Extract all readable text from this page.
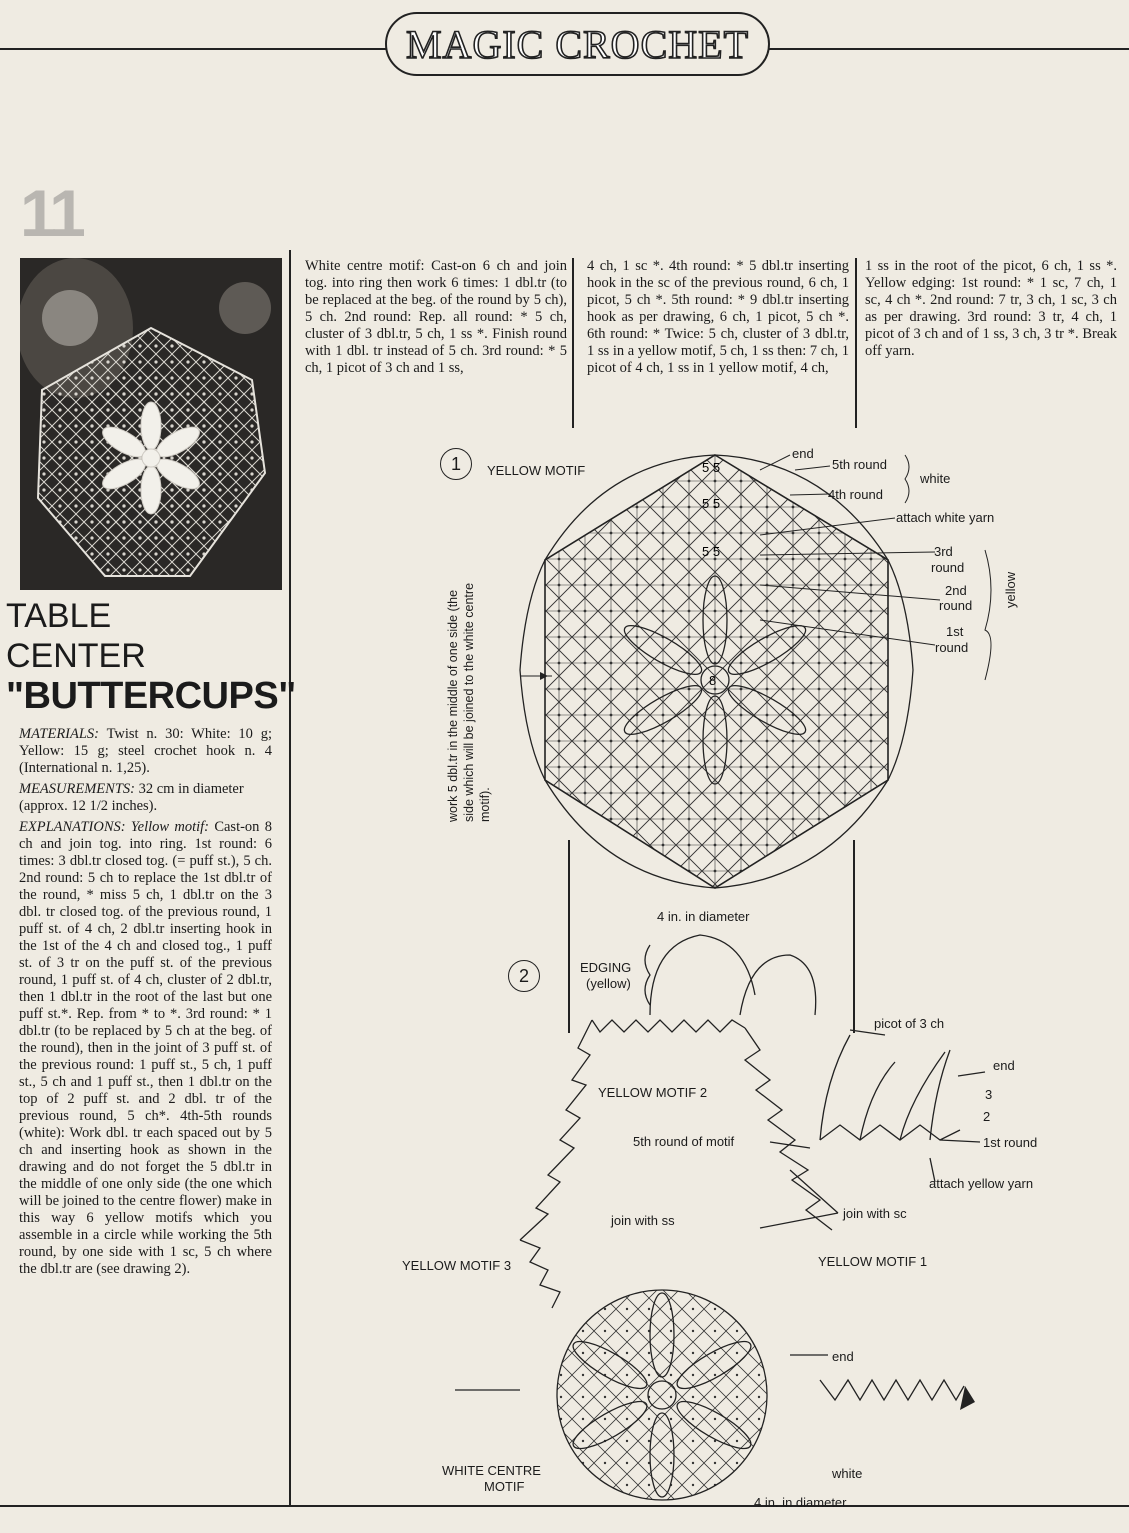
MAGIC CROCHET
11
TABLE
CENTER
"BUTTERCUPS"

MATERIALS: Twist n. 30: White: 10 g; Yellow: 15 g; steel crochet hook n. 4 (International n. 1,25).

MEASUREMENTS: 32 cm in diameter
(approx. 12 1/2 inches).

EXPLANATIONS: Yellow motif: Cast-on 8 ch and join tog. into ring. 1st round: 6 times: 3 dbl.tr closed tog. (= puff st.), 5 ch. 2nd round: 5 ch to replace the 1st dbl.tr of the round, * miss 5 ch, 1 dbl.tr on the 3 dbl. tr closed tog. of the previous round, 1 puff st. of 4 ch, 2 dbl.tr inserting hook in the 1st of the 4 ch and closed tog., 1 puff st. of 3 tr on the puff st. of the previous round, 1 puff st. of 4 ch, cluster of 2 dbl.tr, then 1 dbl.tr in the root of the last but one puff st.*. Rep. from * to *. 3rd round: * 1 dbl.tr (to be replaced by 5 ch at the beg. of the round), then in the joint of 3 puff st. of the previous round: 1 puff st., 5 ch, 1 puff st., 5 ch and 1 puff st., then 1 dbl.tr on the top of 2 puff st. and 2 dbl. tr of the previous round, 5 ch*. 4th-5th rounds (white): Work dbl. tr each spaced out by 5 ch and inserting hook as shown in the drawing and do not forget the 5 dbl.tr in the middle of one only side (the one which will be joined to the centre flower) make in this way 6 yellow motifs which you assemble in a circle while working the 5th round, by one side with 1 sc, 5 ch where the dbl.tr are (see drawing 2).

White centre motif: Cast-on 6 ch and join tog. into ring then work 6 times: 1 dbl.tr (to be replaced at the beg. of the round by 5 ch), 5 ch. 2nd round: Rep. all round: * 5 ch, cluster of 3 dbl.tr, 5 ch, 1 ss *. Finish round with 1 dbl. tr instead of 5 ch. 3rd round: * 5 ch, 1 picot of 3 ch and 1 ss,

4 ch, 1 sc *. 4th round: * 5 dbl.tr inserting hook in the sc of the previous round, 6 ch, 1 picot, 5 ch *. 5th round: * 9 dbl.tr inserting hook as per drawing, 6 ch, 1 picot, 5 ch *. 6th round: * Twice: 5 ch, cluster of 3 dbl.tr, 1 ss in a yellow motif, 5 ch, 1 ss then: 7 ch, 1 picot of 4 ch, 1 ss in 1 yellow motif, 4 ch,

1 ss in the root of the picot, 6 ch, 1 ss *. Yellow edging: 1st round: * 1 sc, 7 ch, 1 sc, 4 ch *. 2nd round: 7 tr, 3 ch, 1 sc, 3 ch as per drawing. 3rd round: 3 tr, 4 ch, 1 picot of 3 ch and of 1 ss, 3 ch, 3 tr *. Break off yarn.

8
5 5
5 5
5 5
1	YELLOW MOTIF
end
5th round
4th round
white
attach white yarn
3rd
round
2nd
round
1st
round
yellow
4 in. in diameter
work 5 dbl.tr in the middle of one side (the side which will be joined to the white centre motif).
2	EDGING
(yellow)
picot of 3 ch
end
3
2
1st round
attach yellow yarn
YELLOW MOTIF 2
5th round of motif
join with sc
join with ss
YELLOW MOTIF 3	YELLOW MOTIF 1
end
WHITE CENTRE
MOTIF
white
4 in. in diameter
